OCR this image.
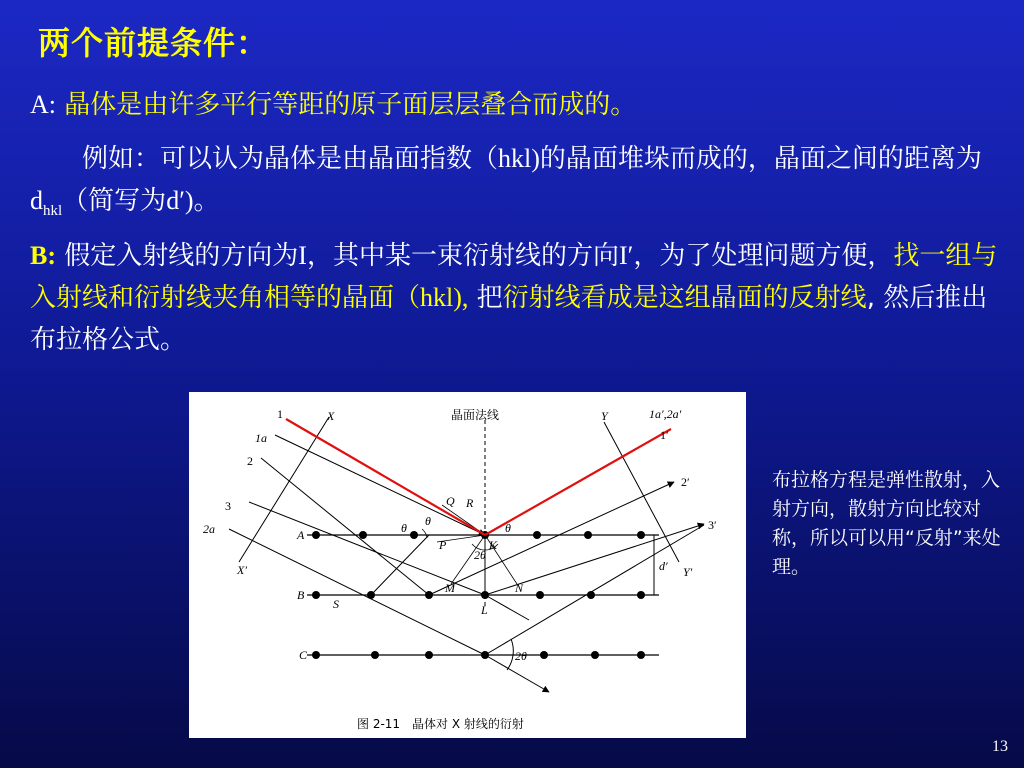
两个前提条件：
A: 晶体是由许多平行等距的原子面层层叠合而成的。
例如：可以认为晶体是由晶面指数（hkl)的晶面堆垛而成的，晶面之间的距离为$d_{hkl}$（简写为d′)。
B: 假定入射线的方向为I，其中某一束衍射线的方向I′，为了处理问题方便，找一组与入射线和衍射线夹角相等的晶面（hkl), 把衍射线看成是这组晶面的反射线, 然后推出布拉格公式。
晶面法线
1
1a
2
3
2a
X
X′
Y
Y′
1′
1a′,2a′
2′
3′
A
B
C
P
Q R
K
M	N
S	L
θ θ	θ
2θ
2θ
d′
图 2-11　晶体对 X 射线的衍射
布拉格方程是弹性散射，入射方向，散射方向比较对称，所以可以用“反射”来处理。
13
